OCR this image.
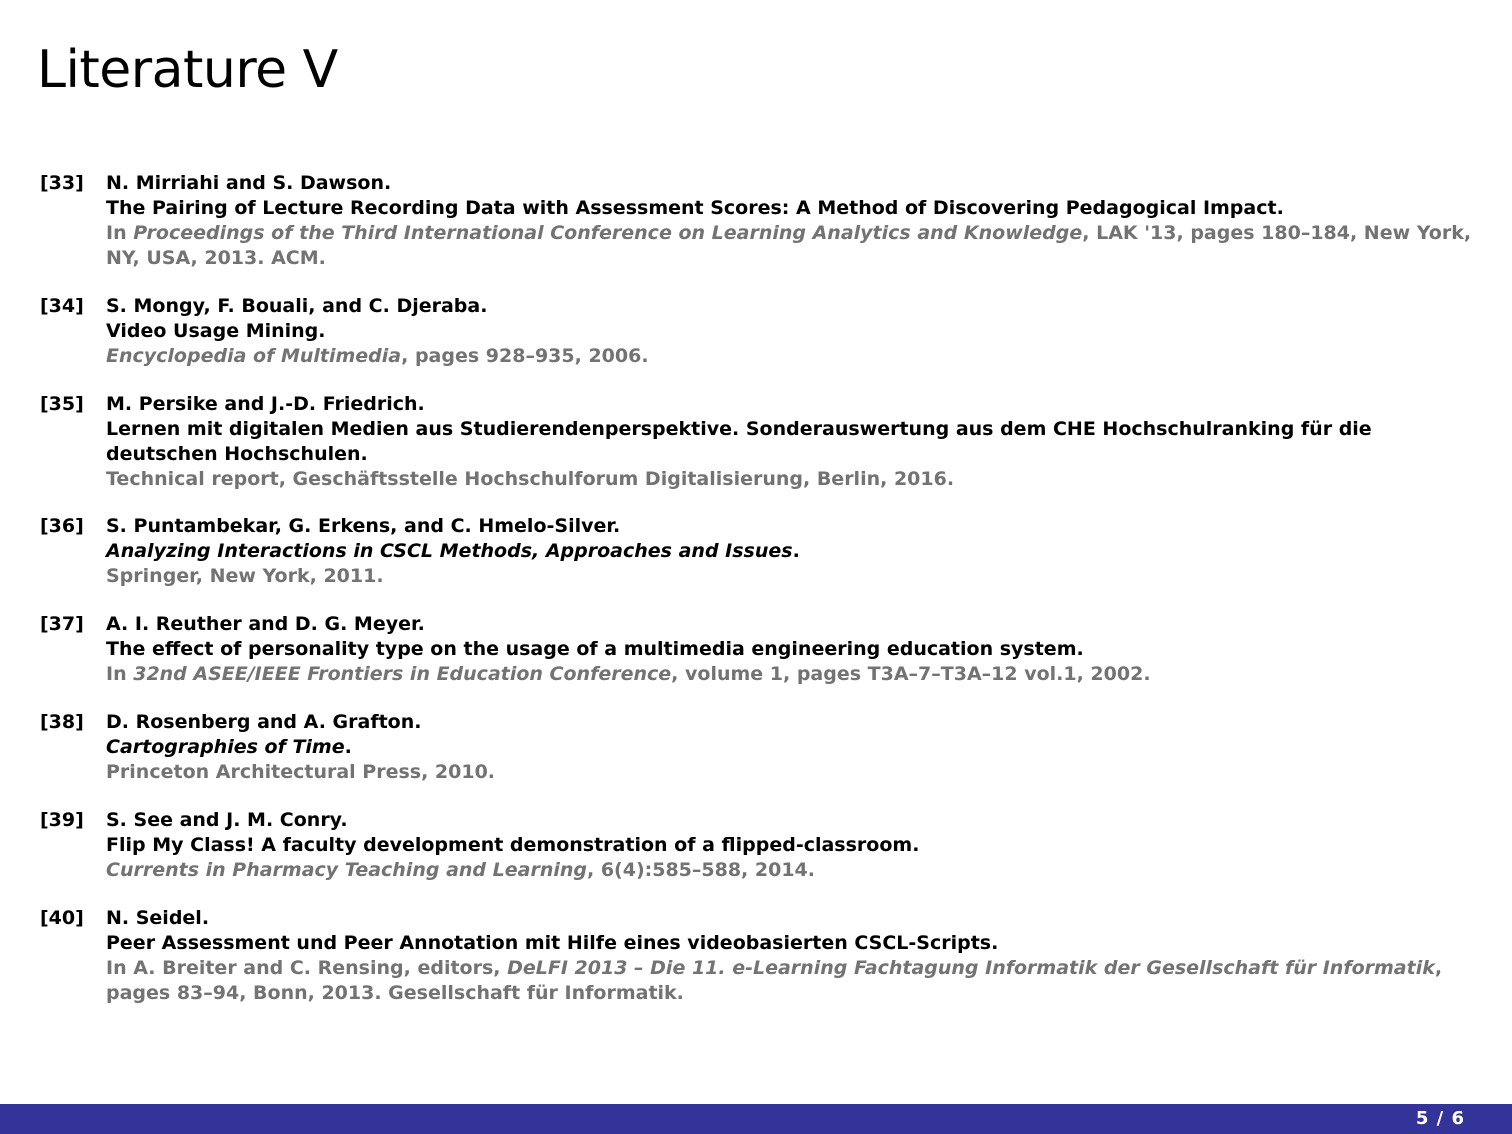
Literature V
[33]	N. Mirriahi and S. Dawson.
The Pairing of Lecture Recording Data with Assessment Scores: A Method of Discovering Pedagogical Impact.
In Proceedings of the Third International Conference on Learning Analytics and Knowledge, LAK '13, pages 180–184, New York, NY, USA, 2013. ACM.
[34]	S. Mongy, F. Bouali, and C. Djeraba.
Video Usage Mining.
Encyclopedia of Multimedia, pages 928–935, 2006.
[35]	M. Persike and J.-D. Friedrich.
Lernen mit digitalen Medien aus Studierendenperspektive. Sonderauswertung aus dem CHE Hochschulranking für die deutschen Hochschulen.
Technical report, Geschäftsstelle Hochschulforum Digitalisierung, Berlin, 2016.
[36]	S. Puntambekar, G. Erkens, and C. Hmelo-Silver.
Analyzing Interactions in CSCL Methods, Approaches and Issues.
Springer, New York, 2011.
[37]	A. I. Reuther and D. G. Meyer.
The effect of personality type on the usage of a multimedia engineering education system.
In 32nd ASEE/IEEE Frontiers in Education Conference, volume 1, pages T3A–7–T3A–12 vol.1, 2002.
[38]	D. Rosenberg and A. Grafton.
Cartographies of Time.
Princeton Architectural Press, 2010.
[39]	S. See and J. M. Conry.
Flip My Class! A faculty development demonstration of a flipped-classroom.
Currents in Pharmacy Teaching and Learning, 6(4):585–588, 2014.
[40]	N. Seidel.
Peer Assessment und Peer Annotation mit Hilfe eines videobasierten CSCL-Scripts.
In A. Breiter and C. Rensing, editors, DeLFI 2013 – Die 11. e-Learning Fachtagung Informatik der Gesellschaft für Informatik, pages 83–94, Bonn, 2013. Gesellschaft für Informatik.
5 / 6
